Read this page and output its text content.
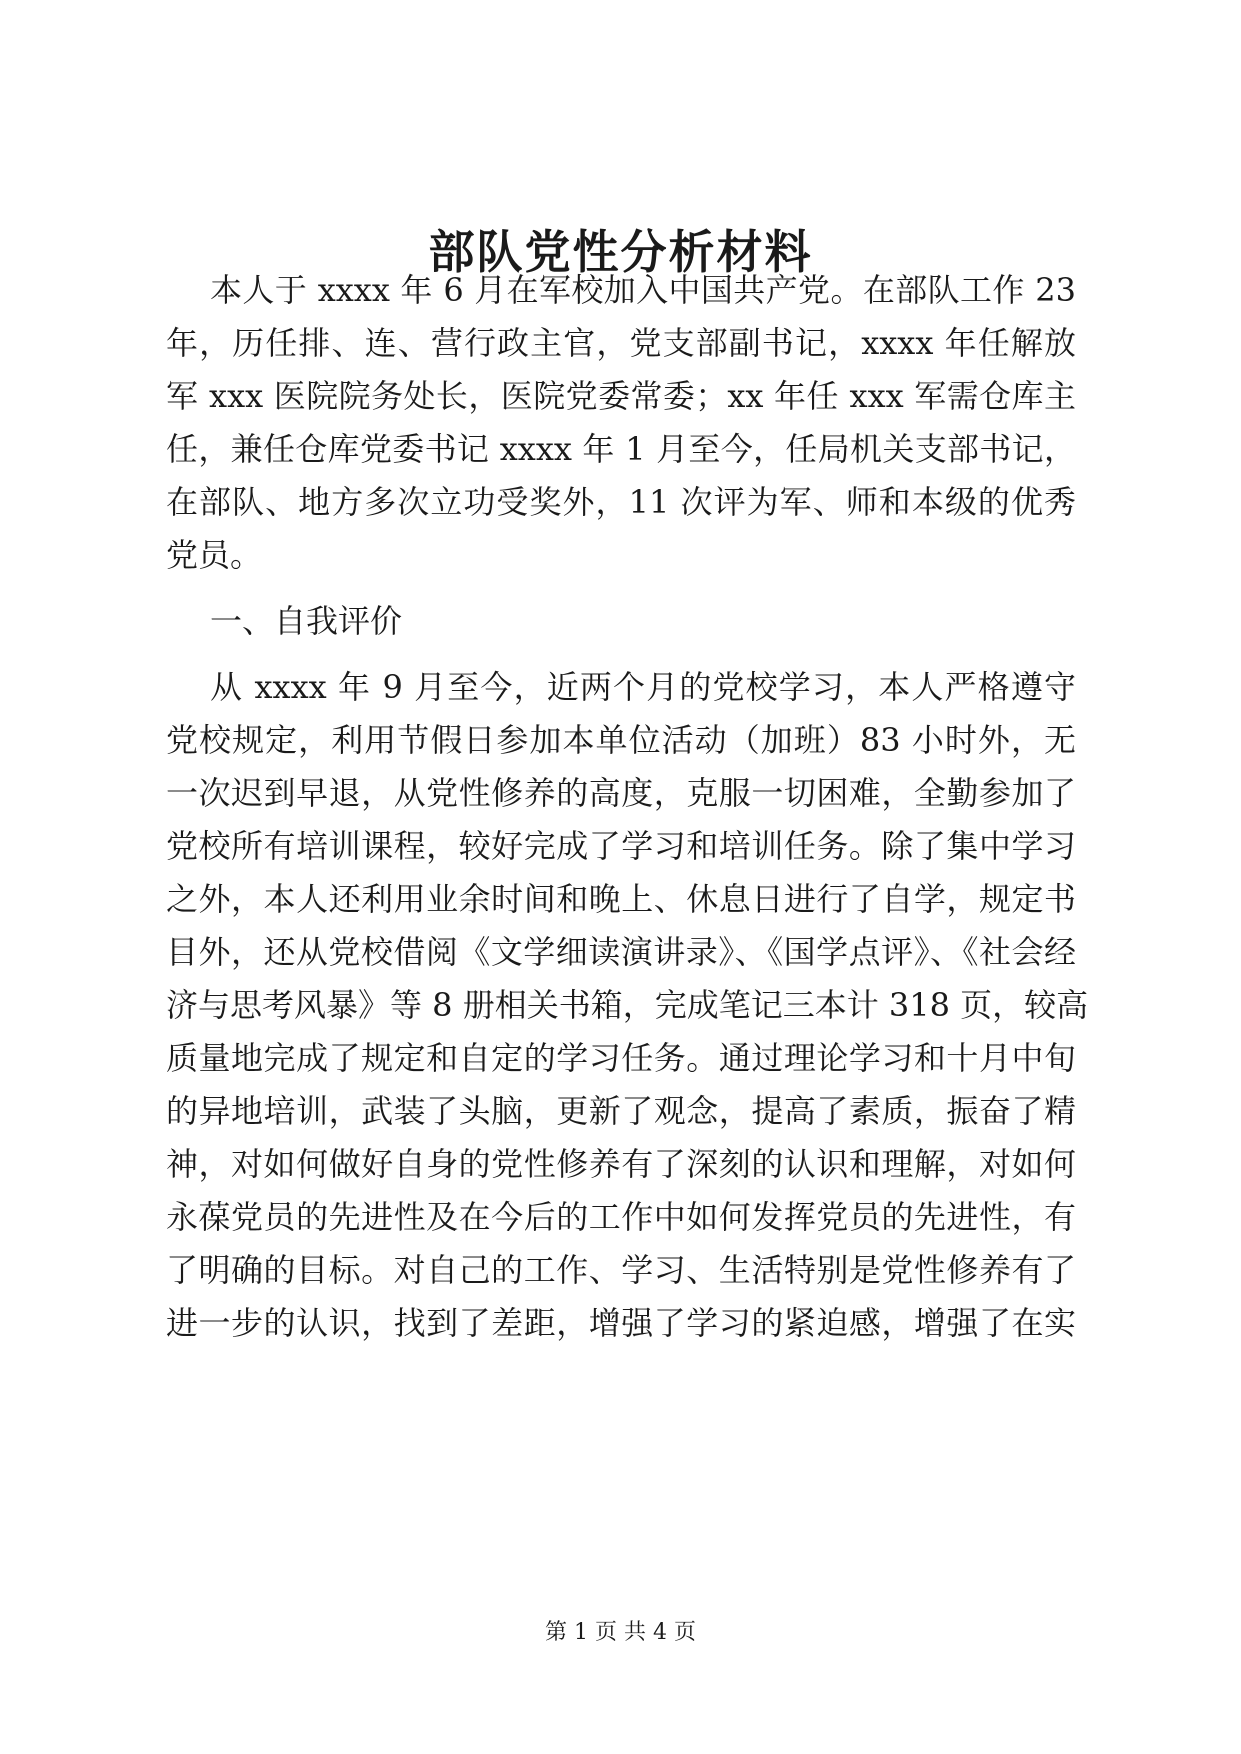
部队党性分析材料

本人于 xxxx 年 6 月在军校加入中国共产党。在部队工作 23

年，历任排、连、营行政主官，党支部副书记，xxxx 年任解放

军 xxx 医院院务处长，医院党委常委；xx 年任 xxx 军需仓库主

任，兼任仓库党委书记 xxxx 年 1 月至今，任局机关支部书记，

在部队、地方多次立功受奖外，11 次评为军、师和本级的优秀

党员。

一、自我评价

从 xxxx 年 9 月至今，近两个月的党校学习，本人严格遵守

党校规定，利用节假日参加本单位活动（加班）83 小时外，无

一次迟到早退，从党性修养的高度，克服一切困难，全勤参加了

党校所有培训课程，较好完成了学习和培训任务。除了集中学习

之外，本人还利用业余时间和晚上、休息日进行了自学，规定书

目外，还从党校借阅《文学细读演讲录》、《国学点评》、《社会经

济与思考风暴》等 8 册相关书箱，完成笔记三本计 318 页，较高

质量地完成了规定和自定的学习任务。通过理论学习和十月中旬

的异地培训，武装了头脑，更新了观念，提高了素质，振奋了精

神，对如何做好自身的党性修养有了深刻的认识和理解，对如何

永葆党员的先进性及在今后的工作中如何发挥党员的先进性，有

了明确的目标。对自己的工作、学习、生活特别是党性修养有了

进一步的认识，找到了差距，增强了学习的紧迫感，增强了在实

第 1 页 共 4 页
